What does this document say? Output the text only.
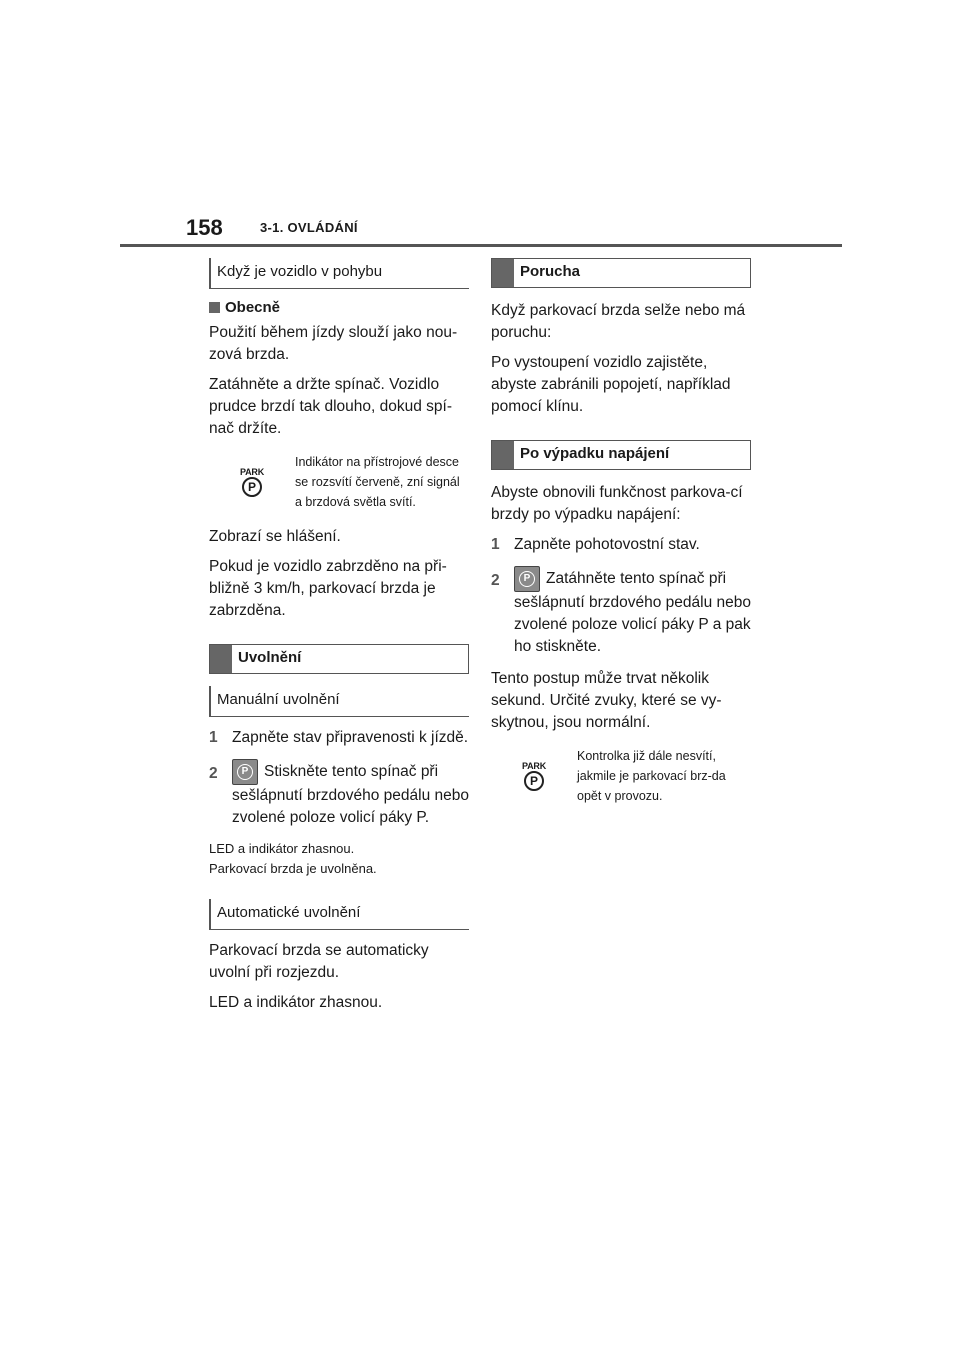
158	3-1. OVLÁDÁNÍ
Když je vozidlo v pohybu
Obecně

Použití během jízdy slouží jako nou-zová brzda.

Zatáhněte a držte spínač. Vozidlo prudce brzdí tak dlouho, dokud spí-nač držíte.

PARK
P
Indikátor na přístrojové desce se rozsvítí červeně, zní signál a brzdová světla svítí.

Zobrazí se hlášení.

Pokud je vozidlo zabrzděno na při-bližně 3 km/h, parkovací brzda je zabrzděna.

Uvolnění
Manuální uvolnění
1 Zapněte stav připravenosti k jízdě.
2	P	Stiskněte tento spínač při sešlápnutí brzdového pedálu nebo zvolené poloze volicí páky P.

LED a indikátor zhasnou.

Parkovací brzda je uvolněna.

Automatické uvolnění

Parkovací brzda se automaticky uvolní při rozjezdu.

LED a indikátor zhasnou.

Porucha

Když parkovací brzda selže nebo má poruchu:

Po vystoupení vozidlo zajistěte, abyste zabránili popojetí, například pomocí klínu.

Po výpadku napájení

Abyste obnovili funkčnost parkova-cí brzdy po výpadku napájení:

1 Zapněte pohotovostní stav.
2	P	Zatáhněte tento spínač při sešlápnutí brzdového pedálu nebo zvolené poloze volicí páky P a pak ho stiskněte.

Tento postup může trvat několik sekund. Určité zvuky, které se vy-skytnou, jsou normální.

PARK
P
Kontrolka již dále nesvítí, jakmile je parkovací brz-da opět v provozu.
